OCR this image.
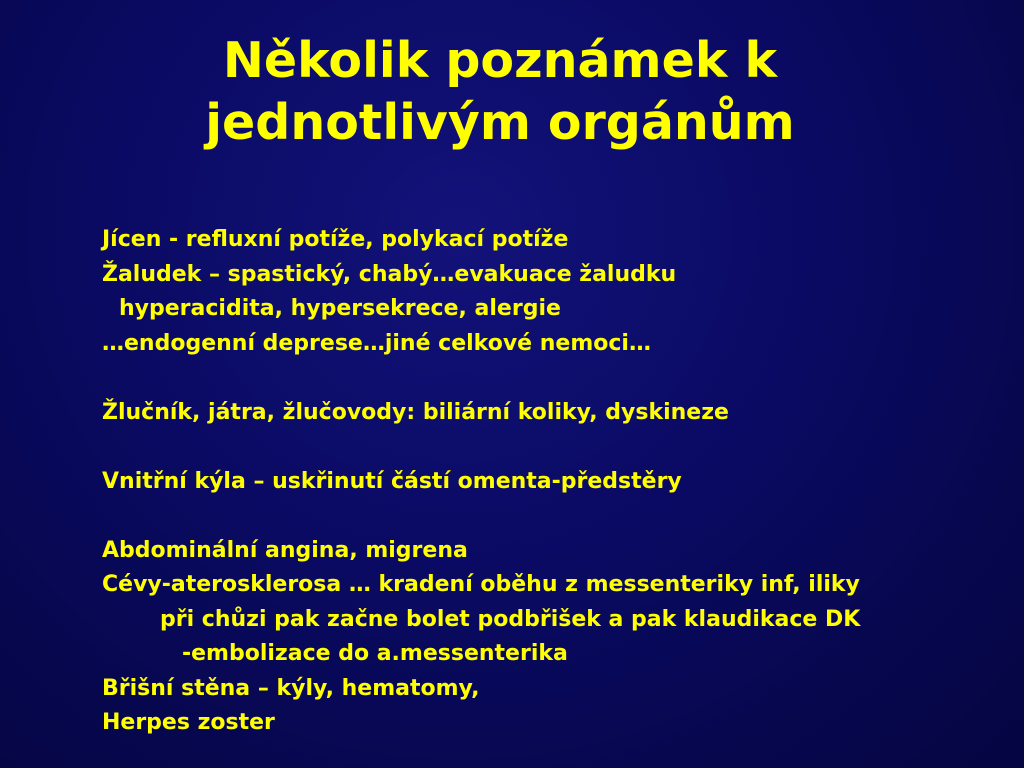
Několik poznámek k
jednotlivým orgánům
Jícen - refluxní potíže, polykací potíže
Žaludek – spastický, chabý…evakuace žaludku
hyperacidita, hypersekrece, alergie
…endogenní deprese…jiné celkové nemoci…
Žlučník, játra, žlučovody: biliární koliky, dyskineze
Vnitřní kýla – uskřinutí částí omenta-předstěry
Abdominální angina, migrena
Cévy-aterosklerosa … kradení oběhu z messenteriky inf, iliky
při chůzi pak začne bolet podbřišek a pak klaudikace DK
-embolizace do a.messenterika
Břišní stěna – kýly, hematomy,
Herpes zoster
